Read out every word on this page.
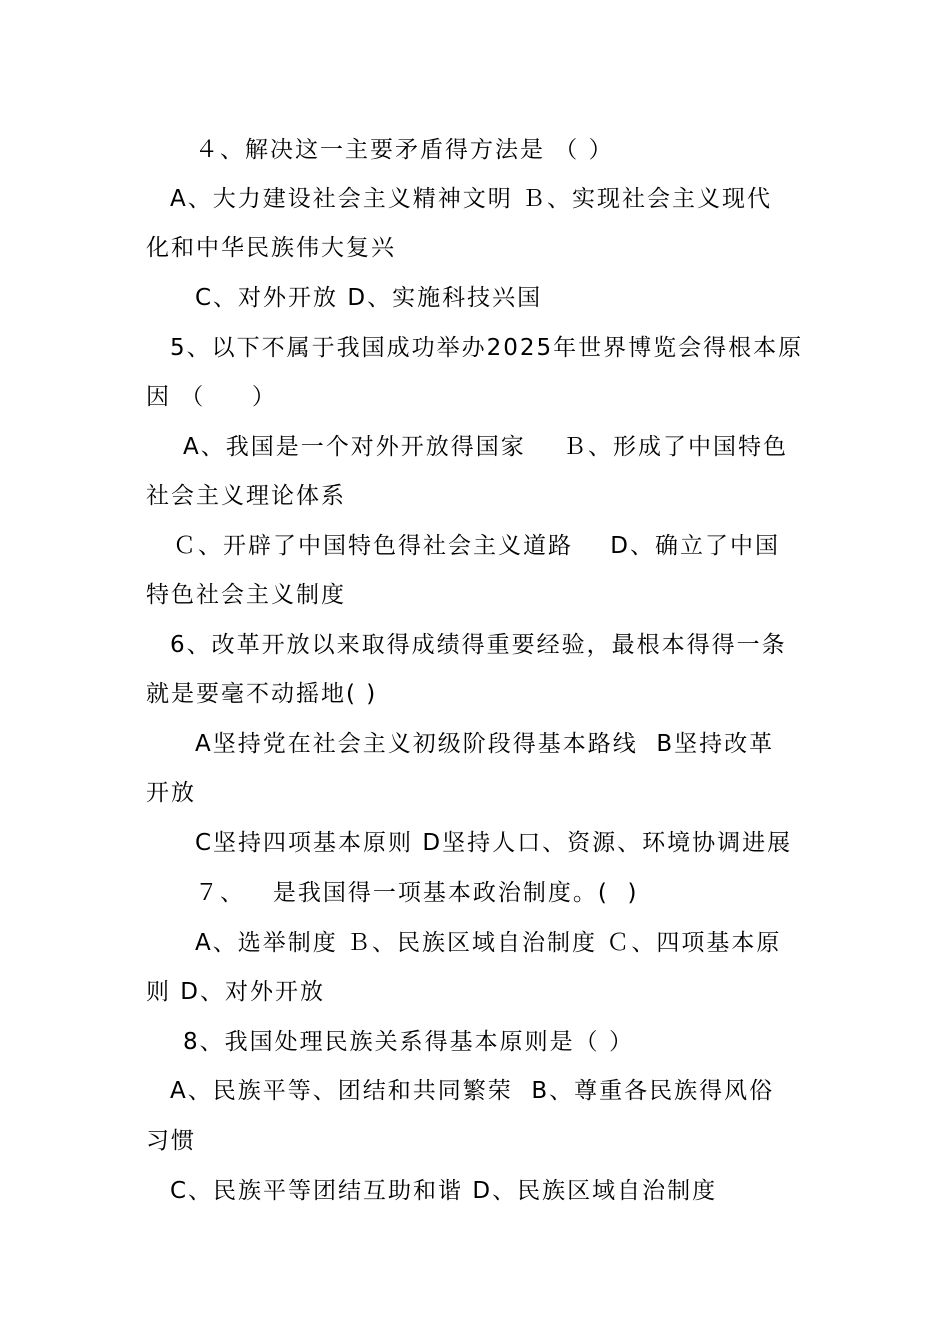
４、解决这一主要矛盾得方法是 （ ）
A、大力建设社会主义精神文明 Ｂ、实现社会主义现代
化和中华民族伟大复兴
C、对外开放 D、实施科技兴国
5、以下不属于我国成功举办2025年世界博览会得根本原
因 （     ）
A、我国是一个对外开放得国家    Ｂ、形成了中国特色
社会主义理论体系
Ｃ、开辟了中国特色得社会主义道路    D、确立了中国
特色社会主义制度
6、改革开放以来取得成绩得重要经验，最根本得得一条
就是要毫不动摇地( )
A坚持党在社会主义初级阶段得基本路线  B坚持改革
开放
C坚持四项基本原则 D坚持人口、资源、环境协调进展
７、   是我国得一项基本政治制度。(  )
A、选举制度 Ｂ、民族区域自治制度 Ｃ、四项基本原
则 D、对外开放
8、我国处理民族关系得基本原则是（ ）
A、民族平等、团结和共同繁荣  B、尊重各民族得风俗
习惯
C、民族平等团结互助和谐 D、民族区域自治制度
